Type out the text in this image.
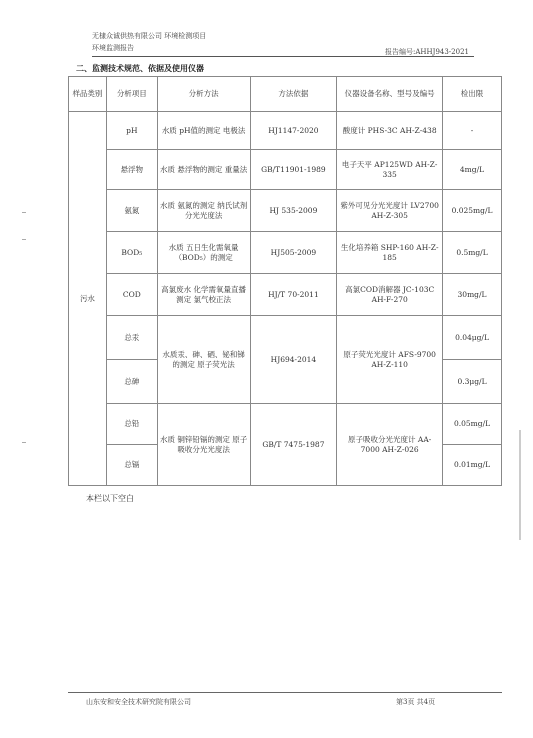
无棣众诚供热有限公司 环境检测项目
环境监测报告	报告编号:AHHJ943-2021
二、监测技术规范、依据及使用仪器
样品类别	分析项目	分析方法	方法依据	仪器设备名称、型号及编号	检出限
污水	pH	水质 pH值的测定 电极法	HJ1147-2020	酸度计 PHS-3C AH-Z-438	-
	悬浮物	水质 悬浮物的测定 重量法	GB/T11901-1989	电子天平 AP125WD AH-Z-335	4mg/L
	氨氮	水质 氨氮的测定 纳氏试剂分光光度法	HJ 535-2009	紫外可见分光光度计 LV2700 AH-Z-305	0.025mg/L
	BOD₅	水质 五日生化需氧量（BOD₅）的测定	HJ505-2009	生化培养箱 SHP-160 AH-Z-185	0.5mg/L
	COD	高氯废水 化学需氧量直播测定 氯气校正法	HJ/T 70-2011	高氯COD消解器 JC-103C AH-F-270	30mg/L
	总汞	水质汞、砷、硒、铋和锑的测定 原子荧光法	HJ694-2014	原子荧光光度计 AFS-9700 AH-Z-110	0.04μg/L
	总砷				0.3μg/L
	总铅	水质 铜锌铅镉的测定 原子吸收分光光度法	GB/T 7475-1987	原子吸收分光光度计 AA-7000 AH-Z-026	0.05mg/L
	总镉				0.01mg/L
本栏以下空白
山东安和安全技术研究院有限公司	第3页 共4页
